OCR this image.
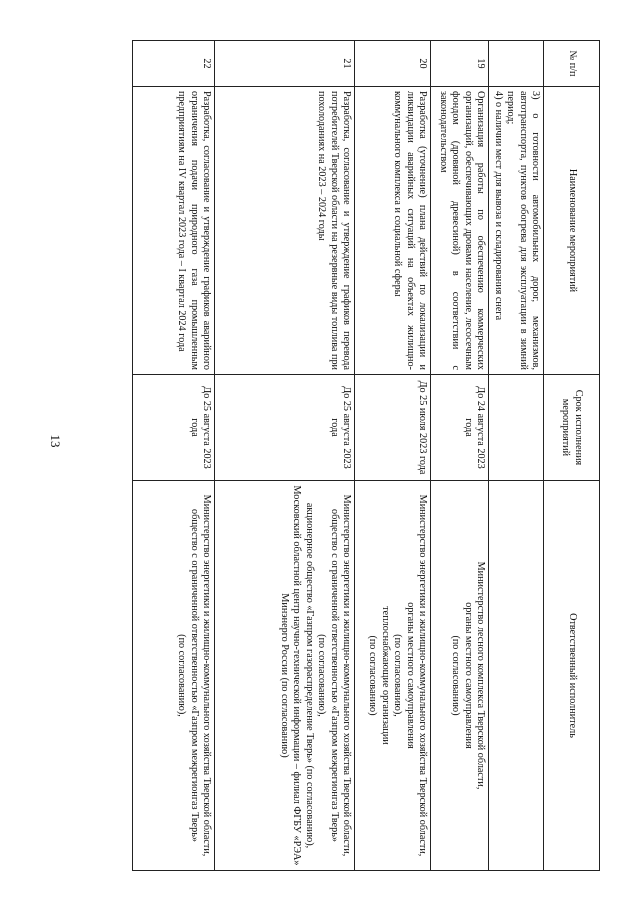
13
№ п/п	Наименование мероприятий	Срок исполнения мероприятий	Ответственный исполнитель

	3) о готовности автомобильных дорог, механизмов, автотранспорта, пунктов обогрева для эксплуатации в зимний период;
4) о наличии мест для вывоза и складирования снега		

19	Организация работы по обеспечению коммерческих организаций, обеспечивающих дровами население, лесосечным фондом (дровяной древесиной) в соответствии с законодательством	До 24 августа 2023 года	Министерство лесного комплекса Тверской области,
органы местного самоуправления
(по согласованию)

20	Разработка (уточнение) плана действий по локализации и ликвидации аварийных ситуаций на объектах жилищно-коммунального комплекса и социальной сферы	До 25 июля 2023 года	Министерство энергетики и жилищно-коммунального хозяйства Тверской области,
органы местного самоуправления
(по согласованию),
теплоснабжающие организации
(по согласованию)

21	Разработка, согласование и утверждение графиков перевода потребителей Тверской области на резервные виды топлива при похолоданиях на 2023 – 2024 годы	До 25 августа 2023 года	Министерство энергетики и жилищно-коммунального хозяйства Тверской области,
общество с ограниченной ответственностью «Газпром межрегионгаз Тверь»
(по согласованию),
акционерное общество «Газпром газораспределение Тверь» (по согласованию),
Московский областной центр научно-технической информации – филиал ФГБУ «РЭА» Минэнерго России (по согласованию)

22	Разработка, согласование и утверждение графиков аварийного ограничения подачи природного газа промышленным предприятиям на IV квартал 2023 года – I квартал 2024 года	До 25 августа 2023 года	Министерство энергетики и жилищно-коммунального хозяйства Тверской области,
общество с ограниченной ответственностью «Газпром межрегионгаз Тверь»
(по согласованию),
